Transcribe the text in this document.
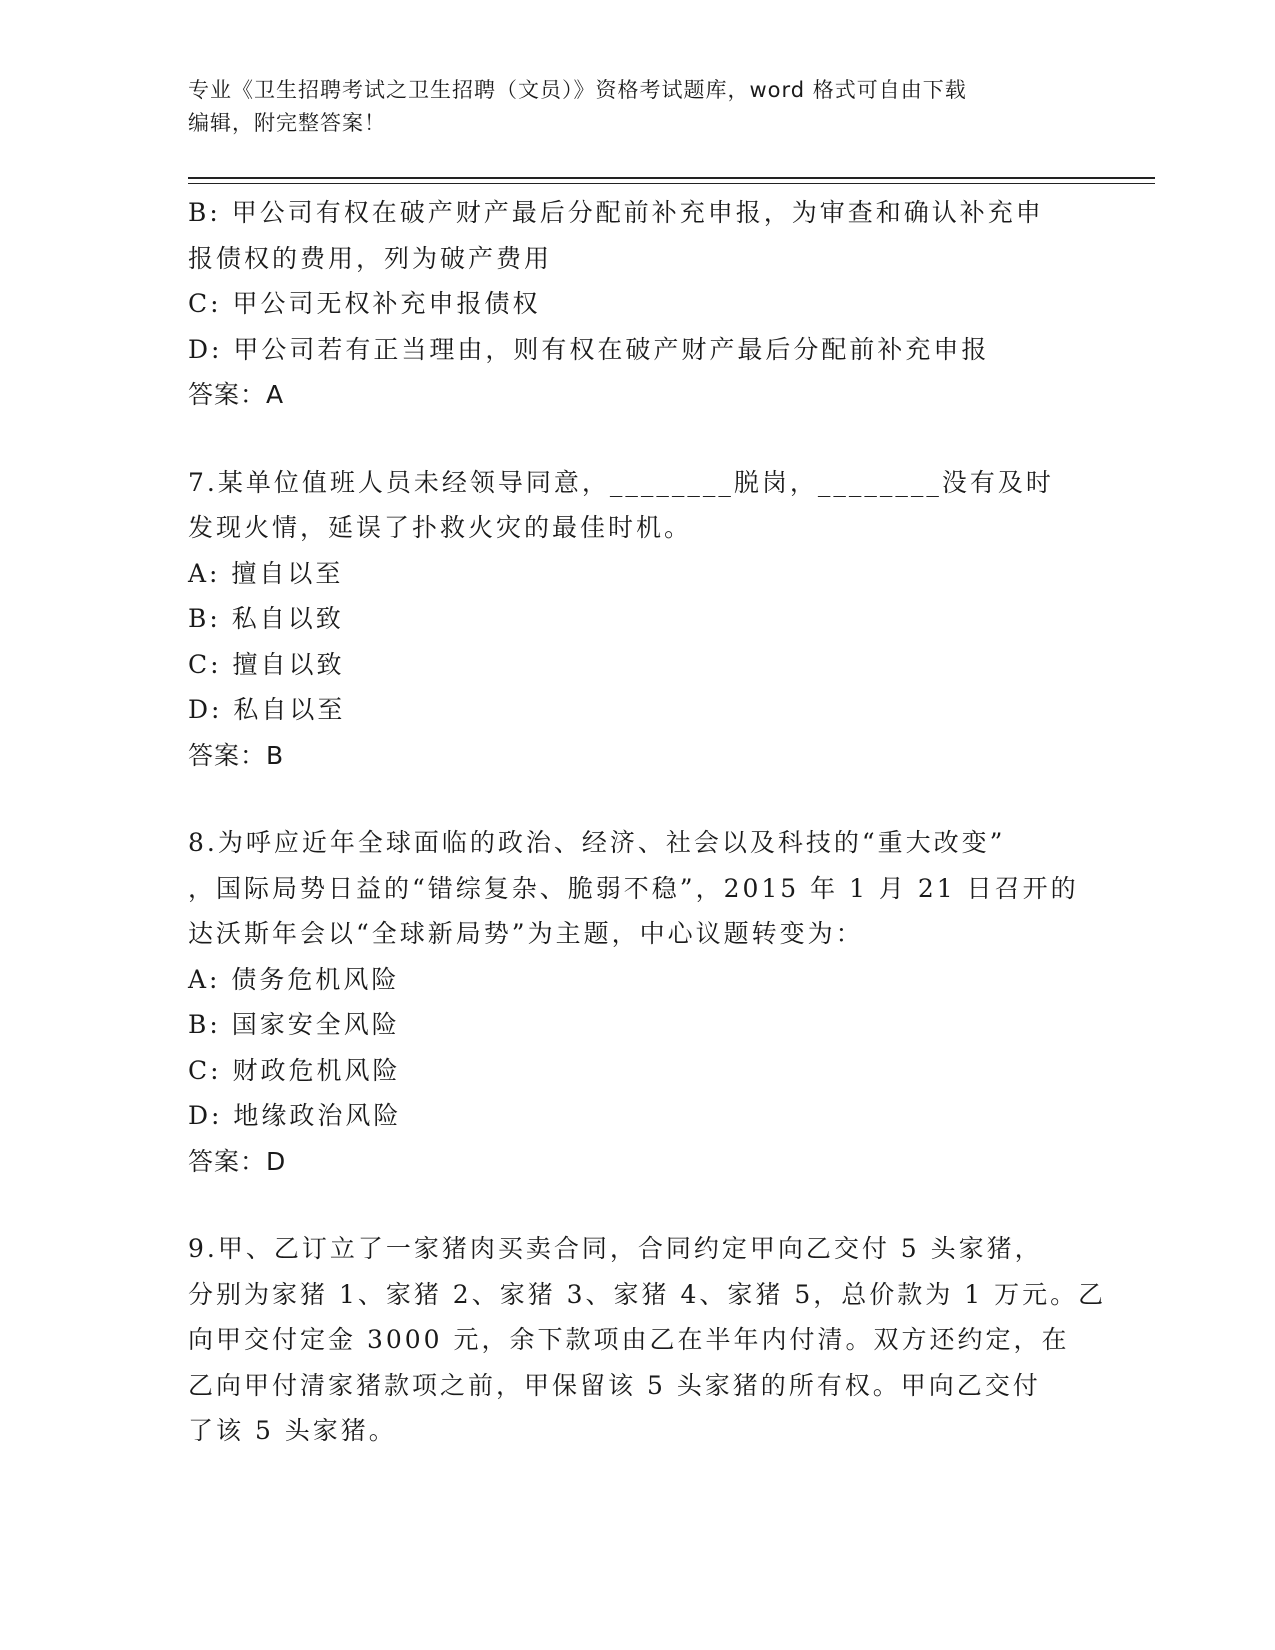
专业《卫生招聘考试之卫生招聘（文员）》资格考试题库，word 格式可自由下载
编辑，附完整答案！
B: 甲公司有权在破产财产最后分配前补充申报，为审查和确认补充申
报债权的费用，列为破产费用
C: 甲公司无权补充申报债权
D: 甲公司若有正当理由，则有权在破产财产最后分配前补充申报
答案：A
7.某单位值班人员未经领导同意，________脱岗，________没有及时
发现火情，延误了扑救火灾的最佳时机。
A: 擅自以至
B: 私自以致
C: 擅自以致
D: 私自以至
答案：B
8.为呼应近年全球面临的政治、经济、社会以及科技的“重大改变”
，国际局势日益的“错综复杂、脆弱不稳”，2015 年 1 月 21 日召开的
达沃斯年会以“全球新局势”为主题，中心议题转变为：
A: 债务危机风险
B: 国家安全风险
C: 财政危机风险
D: 地缘政治风险
答案：D
9.甲、乙订立了一家猪肉买卖合同，合同约定甲向乙交付 5 头家猪，
分别为家猪 1、家猪 2、家猪 3、家猪 4、家猪 5，总价款为 1 万元。乙
向甲交付定金 3000 元，余下款项由乙在半年内付清。双方还约定，在
乙向甲付清家猪款项之前，甲保留该 5 头家猪的所有权。甲向乙交付
了该 5 头家猪。
